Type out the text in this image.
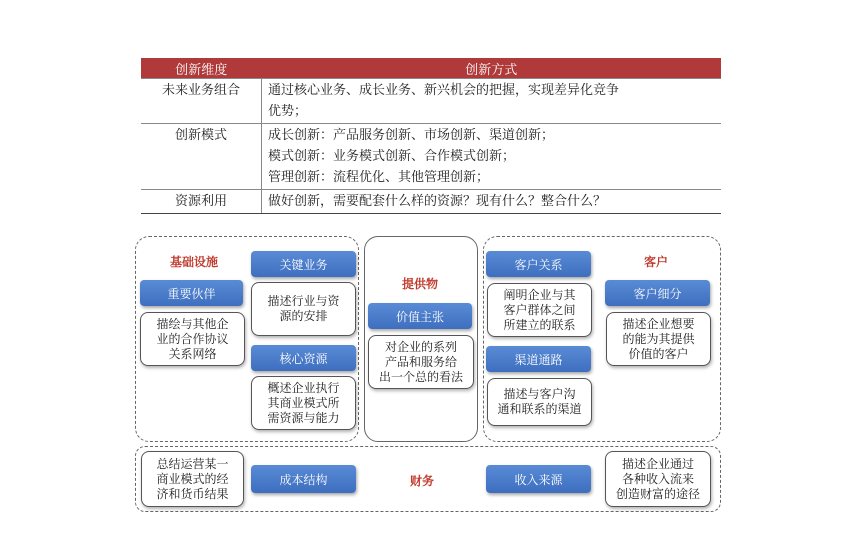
创新维度	创新方式
未来业务组合	通过核心业务、成长业务、新兴机会的把握，实现差异化竞争
优势；

创新模式	成长创新：产品服务创新、市场创新、渠道创新；
模式创新：业务模式创新、合作模式创新；
管理创新：流程优化、其他管理创新；

资源利用	做好创新，需要配套什么样的资源？现有什么？整合什么？
基础设施
重要伙伴
描绘与其他企
业的合作协议
关系网络
关键业务
描述行业与资
源的安排
核心资源
概述企业执行
其商业模式所
需资源与能力
提供物
价值主张
对企业的系列
产品和服务给
出一个总的看法
客户
客户关系
阐明企业与其
客户群体之间
所建立的联系
渠道通路
描述与客户沟
通和联系的渠道
客户细分
描述企业想要
的能为其提供
价值的客户
总结运营某一
商业模式的经
济和货币结果
成本结构	财务	收入来源
描述企业通过
各种收入流来
创造财富的途径
